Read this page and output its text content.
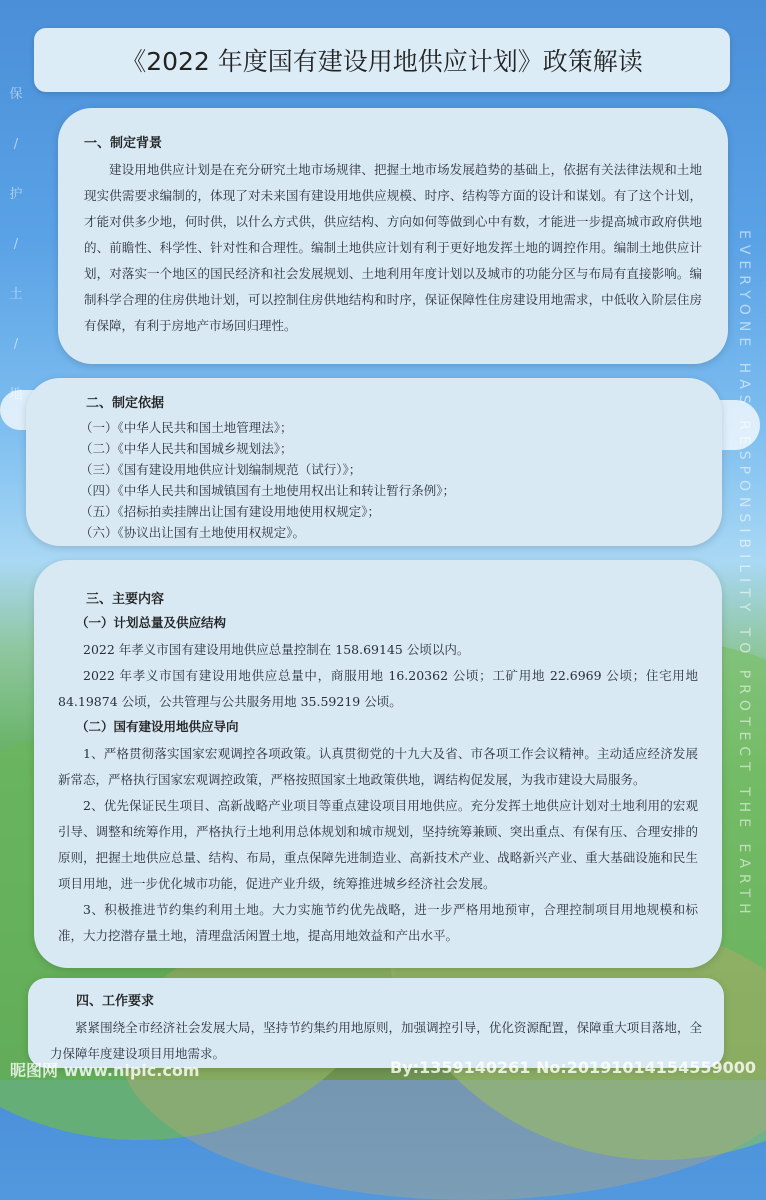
保
/
护
/
土
/
地	EVERYONE HAS RESPONSIBILITY TO PROTECT THE EARTH
《2022 年度国有建设用地供应计划》政策解读
一、制定背景

建设用地供应计划是在充分研究土地市场规律、把握土地市场发展趋势的基础上，依据有关法律法规和土地现实供需要求编制的，体现了对未来国有建设用地供应规模、时序、结构等方面的设计和谋划。有了这个计划，才能对供多少地，何时供，以什么方式供，供应结构、方向如何等做到心中有数，才能进一步提高城市政府供地的、前瞻性、科学性、针对性和合理性。编制土地供应计划有利于更好地发挥土地的调控作用。编制土地供应计划，对落实一个地区的国民经济和社会发展规划、土地利用年度计划以及城市的功能分区与布局有直接影响。编制科学合理的住房供地计划，可以控制住房供地结构和时序，保证保障性住房建设用地需求，中低收入阶层住房有保障，有利于房地产市场回归理性。

二、制定依据
（一）《中华人民共和国土地管理法》；
（二）《中华人民共和国城乡规划法》；
（三）《国有建设用地供应计划编制规范（试行）》；
（四）《中华人民共和国城镇国有土地使用权出让和转让暂行条例》；
（五）《招标拍卖挂牌出让国有建设用地使用权规定》；
（六）《协议出让国有土地使用权规定》。
三、主要内容
（一）计划总量及供应结构

2022 年孝义市国有建设用地供应总量控制在 158.69145 公顷以内。

2022 年孝义市国有建设用地供应总量中，商服用地 16.20362 公顷；工矿用地 22.6969 公顷；住宅用地 84.19874 公顷，公共管理与公共服务用地 35.59219 公顷。

（二）国有建设用地供应导向

1、严格贯彻落实国家宏观调控各项政策。认真贯彻党的十九大及省、市各项工作会议精神。主动适应经济发展新常态，严格执行国家宏观调控政策，严格按照国家土地政策供地，调结构促发展，为我市建设大局服务。

2、优先保证民生项目、高新战略产业项目等重点建设项目用地供应。充分发挥土地供应计划对土地利用的宏观引导、调整和统筹作用，严格执行土地利用总体规划和城市规划，坚持统筹兼顾、突出重点、有保有压、合理安排的原则，把握土地供应总量、结构、布局，重点保障先进制造业、高新技术产业、战略新兴产业、重大基础设施和民生项目用地，进一步优化城市功能，促进产业升级，统筹推进城乡经济社会发展。

3、积极推进节约集约利用土地。大力实施节约优先战略，进一步严格用地预审，合理控制项目用地规模和标准，大力挖潜存量土地，清理盘活闲置土地，提高用地效益和产出水平。

四、工作要求

紧紧围绕全市经济社会发展大局，坚持节约集约用地原则，加强调控引导，优化资源配置，保障重大项目落地，全力保障年度建设项目用地需求。

昵图网 www.nipic.com	By:1359140261 No:20191014154559000
